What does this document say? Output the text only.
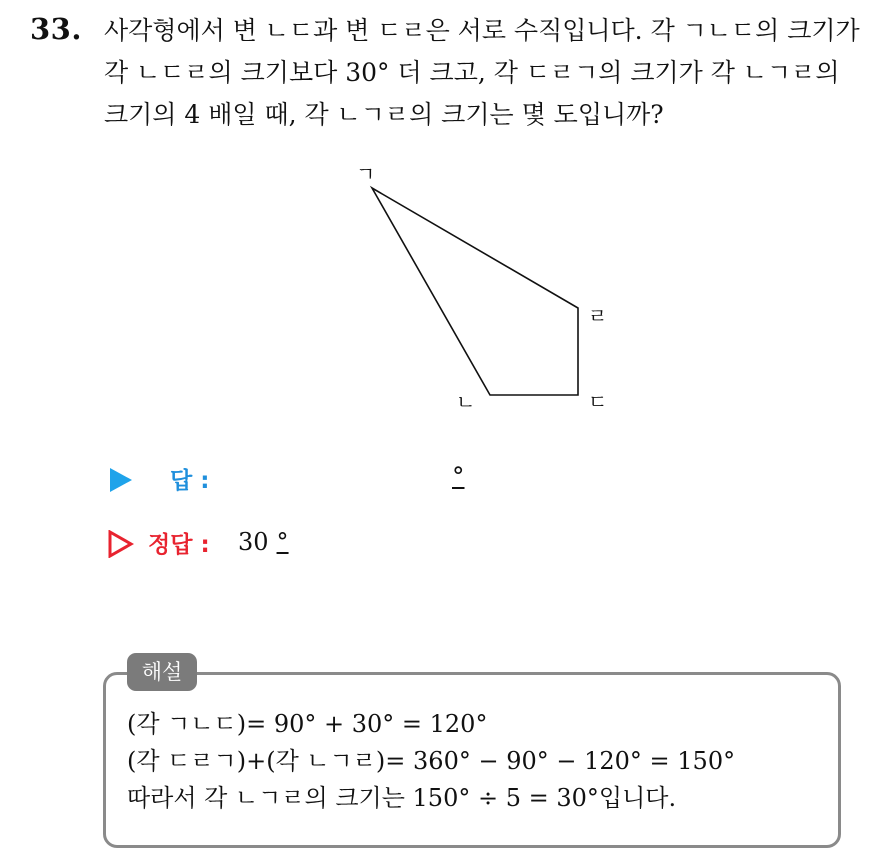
33. 사각형에서 변 ㄴㄷ과 변 ㄷㄹ은 서로 수직입니다. 각 ㄱㄴㄷ의 크기가
각 ㄴㄷㄹ의 크기보다 30° 더 크고, 각 ㄷㄹㄱ의 크기가 각 ㄴㄱㄹ의
크기의 4 배일 때, 각 ㄴㄱㄹ의 크기는 몇 도입니까?
ㄱ
ㄹ
ㄴ	ㄷ
답 :	°
정답 : 30 °
해설
(각 ㄱㄴㄷ)= 90° + 30° = 120°
(각 ㄷㄹㄱ)+(각 ㄴㄱㄹ)= 360° − 90° − 120° = 150°
따라서 각 ㄴㄱㄹ의 크기는 150° ÷ 5 = 30°입니다.
